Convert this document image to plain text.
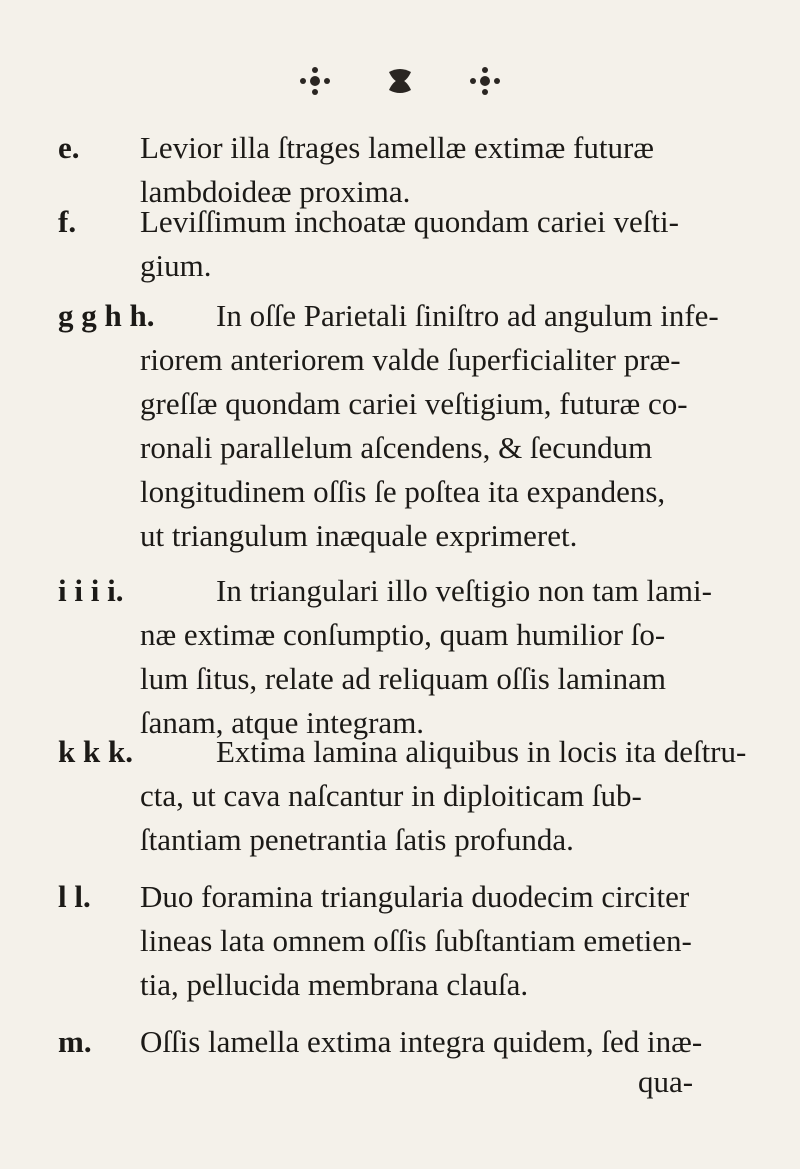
e.	Levior illa ſtrages lamellæ extimæ futuræ
lambdoideæ proxima.
f.	Leviſſimum inchoatæ quondam cariei veſti-
gium.
g g h h.	In oſſe Parietali ſiniſtro ad angulum infe-
riorem anteriorem valde ſuperficialiter præ-
greſſæ quondam cariei veſtigium, futuræ co-
ronali parallelum aſcendens, & ſecundum
longitudinem oſſis ſe poſtea ita expandens,
ut triangulum inæquale exprimeret.
i i i i.	In triangulari illo veſtigio non tam lami-
næ extimæ conſumptio, quam humilior ſo-
lum ſitus, relate ad reliquam oſſis laminam
ſanam, atque integram.
k k k.	Extima lamina aliquibus in locis ita deſtru-
cta, ut cava naſcantur in diploiticam ſub-
ſtantiam penetrantia ſatis profunda.
l l.	Duo foramina triangularia duodecim circiter
lineas lata omnem oſſis ſubſtantiam emetien-
tia, pellucida membrana clauſa.
m.	Oſſis lamella extima integra quidem, ſed inæ-
qua-
